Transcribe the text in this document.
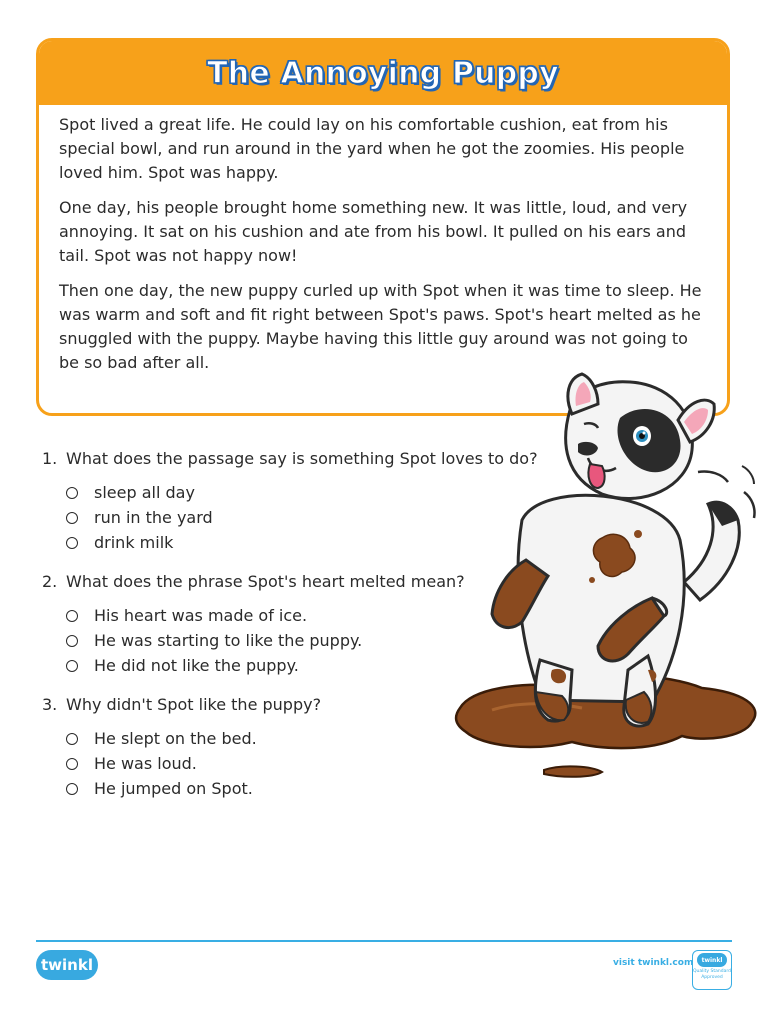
The Annoying Puppy

Spot lived a great life. He could lay on his comfortable cushion, eat from his special bowl, and run around in the yard when he got the zoomies. His people loved him. Spot was happy.

One day, his people brought home something new. It was little, loud, and very annoying. It sat on his cushion and ate from his bowl. It pulled on his ears and tail. Spot was not happy now!

Then one day, the new puppy curled up with Spot when it was time to sleep. He was warm and soft and fit right between Spot's paws. Spot's heart melted as he snuggled with the puppy. Maybe having this little guy around was not going to be so bad after all.

1. What does the passage say is something Spot loves to do?
sleep all day
run in the yard
drink milk
2. What does the phrase Spot's heart melted mean?
His heart was made of ice.
He was starting to like the puppy.
He did not like the puppy.
3. Why didn't Spot like the puppy?
He slept on the bed.
He was loud.
He jumped on Spot.
twinkl	visit twinkl.com	twinkl
Quality Standard Approved
